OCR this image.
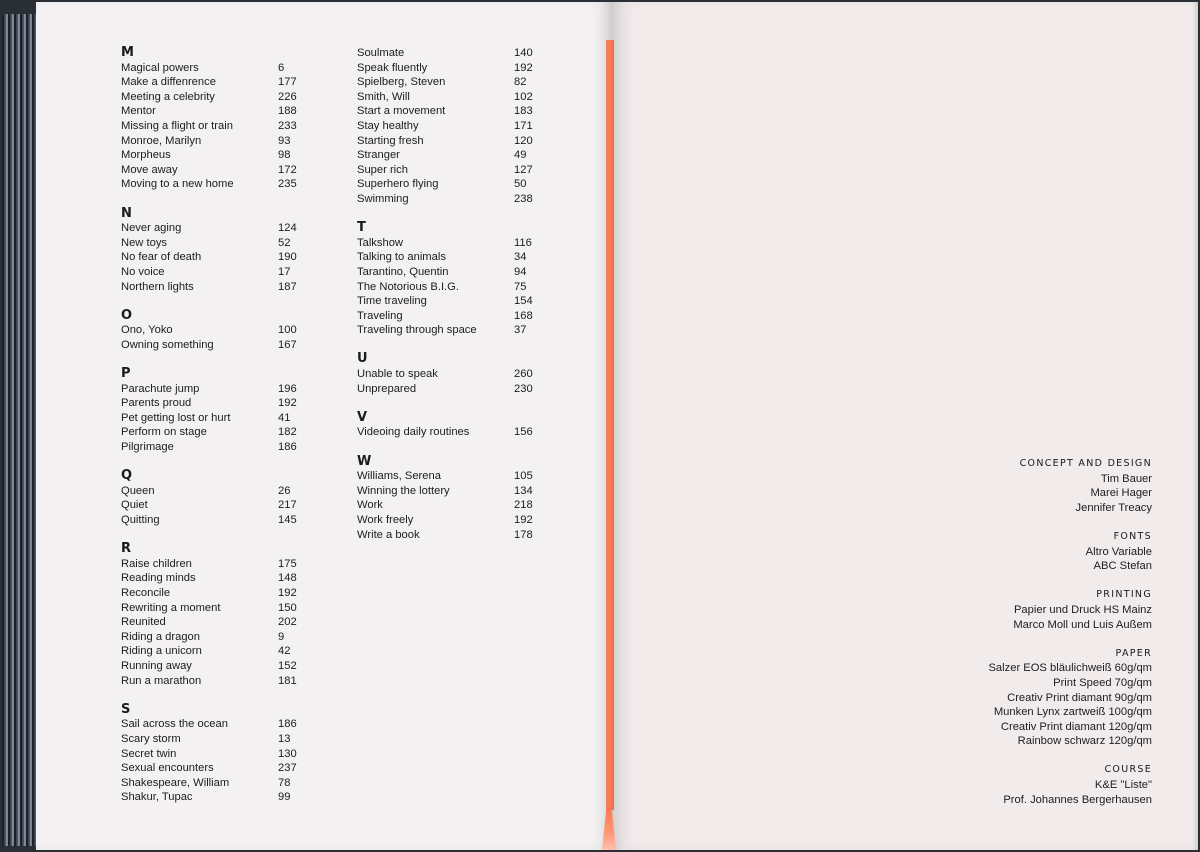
M
Magical powers	6
Make a diffenrence	177
Meeting a celebrity	226
Mentor	188
Missing a flight or train	233
Monroe, Marilyn	93
Morpheus	98
Move away	172
Moving to a new home	235
N
Never aging	124
New toys	52
No fear of death	190
No voice	17
Northern lights	187
O
Ono, Yoko	100
Owning something	167
P
Parachute jump	196
Parents proud	192
Pet getting lost or hurt	41
Perform on stage	182
Pilgrimage	186
Q
Queen	26
Quiet	217
Quitting	145
R
Raise children	175
Reading minds	148
Reconcile	192
Rewriting a moment	150
Reunited	202
Riding a dragon	9
Riding a unicorn	42
Running away	152
Run a marathon	181
S
Sail across the ocean	186
Scary storm	13
Secret twin	130
Sexual encounters	237
Shakespeare, William	78
Shakur, Tupac	99
Soulmate	140
Speak fluently	192
Spielberg, Steven	82
Smith, Will	102
Start a movement	183
Stay healthy	171
Starting fresh	120
Stranger	49
Super rich	127
Superhero flying	50
Swimming	238
T
Talkshow	116
Talking to animals	34
Tarantino, Quentin	94
The Notorious B.I.G.	75
Time traveling	154
Traveling	168
Traveling through space	37
U
Unable to speak	260
Unprepared	230
V
Videoing daily routines	156
W
Williams, Serena	105
Winning the lottery	134
Work	218
Work freely	192
Write a book	178
CONCEPT AND DESIGN
Tim Bauer
Marei Hager
Jennifer Treacy
FONTS
Altro Variable
ABC Stefan
PRINTING
Papier und Druck HS Mainz
Marco Moll und Luis Außem
PAPER
Salzer EOS bläulichweiß 60g/qm
Print Speed 70g/qm
Creativ Print diamant 90g/qm
Munken Lynx zartweiß 100g/qm
Creativ Print diamant 120g/qm
Rainbow schwarz 120g/qm
COURSE
K&E "Liste"
Prof. Johannes Bergerhausen
